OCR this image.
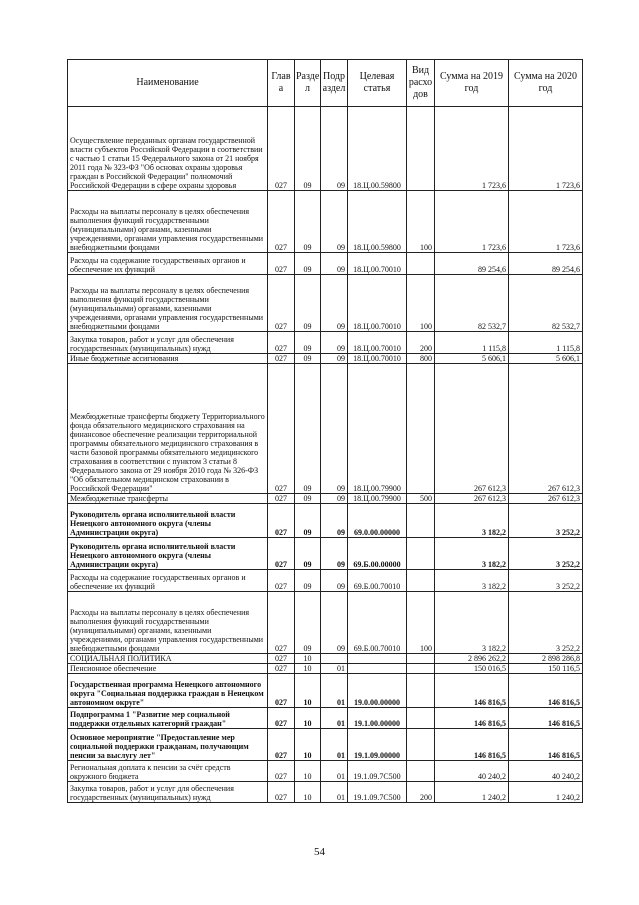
Наименование	Глав а	Разде л	Подр аздел	Целевая статья	Вид расхо дов	Сумма на 2019 год	Сумма на 2020 год
Осуществление переданных органам государственной власти субъектов Российской Федерации в соответствии с частью 1 статьи 15 Федерального закона от 21 ноября 2011 года № 323-ФЗ "Об основах охраны здоровья граждан в Российской Федерации" полномочий Российской Федерации в сфере охраны здоровья	027	09	09	18.Ц.00.59800		1 723,6	1 723,6
Расходы на выплаты персоналу в целях обеспечения выполнения функций государственными (муниципальными) органами, казенными учреждениями, органами управления государственными внебюджетными фондами	027	09	09	18.Ц.00.59800	100	1 723,6	1 723,6
Расходы на содержание государственных органов и обеспечение их функций	027	09	09	18.Ц.00.70010		89 254,6	89 254,6
Расходы на выплаты персоналу в целях обеспечения выполнения функций государственными (муниципальными) органами, казенными учреждениями, органами управления государственными внебюджетными фондами	027	09	09	18.Ц.00.70010	100	82 532,7	82 532,7
Закупка товаров, работ и услуг для обеспечения государственных (муниципальных) нужд	027	09	09	18.Ц.00.70010	200	1 115,8	1 115,8
Иные бюджетные ассигнования	027	09	09	18.Ц.00.70010	800	5 606,1	5 606,1
Межбюджетные трансферты бюджету Территориального фонда обязательного медицинского страхования на финансовое обеспечение реализации территориальной программы обязательного медицинского страхования в части базовой программы обязательного медицинского страхования в соответствии с пунктом 3 статьи 8 Федерального закона от 29 ноября 2010 года № 326-ФЗ "Об обязательном медицинском страховании в Российской Федерации"	027	09	09	18.Ц.00.79900		267 612,3	267 612,3
Межбюджетные трансферты	027	09	09	18.Ц.00.79900	500	267 612,3	267 612,3
Руководитель органа исполнительной власти Ненецкого автономного округа (члены Администрации округа)	027	09	09	69.0.00.00000		3 182,2	3 252,2
Руководитель органа исполнительной власти Ненецкого автономного округа (члены Администрации округа)	027	09	09	69.Б.00.00000		3 182,2	3 252,2
Расходы на содержание государственных органов и обеспечение их функций	027	09	09	69.Б.00.70010		3 182,2	3 252,2
Расходы на выплаты персоналу в целях обеспечения выполнения функций государственными (муниципальными) органами, казенными учреждениями, органами управления государственными внебюджетными фондами	027	09	09	69.Б.00.70010	100	3 182,2	3 252,2
СОЦИАЛЬНАЯ ПОЛИТИКА	027	10				2 896 262,2	2 898 286,8
Пенсионное обеспечение	027	10	01			150 016,5	150 116,5
Государственная программа Ненецкого автономного округа "Социальная поддержка граждан в Ненецком автономном округе"	027	10	01	19.0.00.00000		146 816,5	146 816,5
Подпрограмма 1 "Развитие мер социальной поддержки отдельных категорий граждан"	027	10	01	19.1.00.00000		146 816,5	146 816,5
Основное мероприятие "Предоставление мер социальной поддержки гражданам, получающим пенсии за выслугу лет"	027	10	01	19.1.09.00000		146 816,5	146 816,5
Региональная доплата к пенсии за счёт средств окружного бюджета	027	10	01	19.1.09.7С500		40 240,2	40 240,2
Закупка товаров, работ и услуг для обеспечения государственных (муниципальных) нужд	027	10	01	19.1.09.7С500	200	1 240,2	1 240,2
54
